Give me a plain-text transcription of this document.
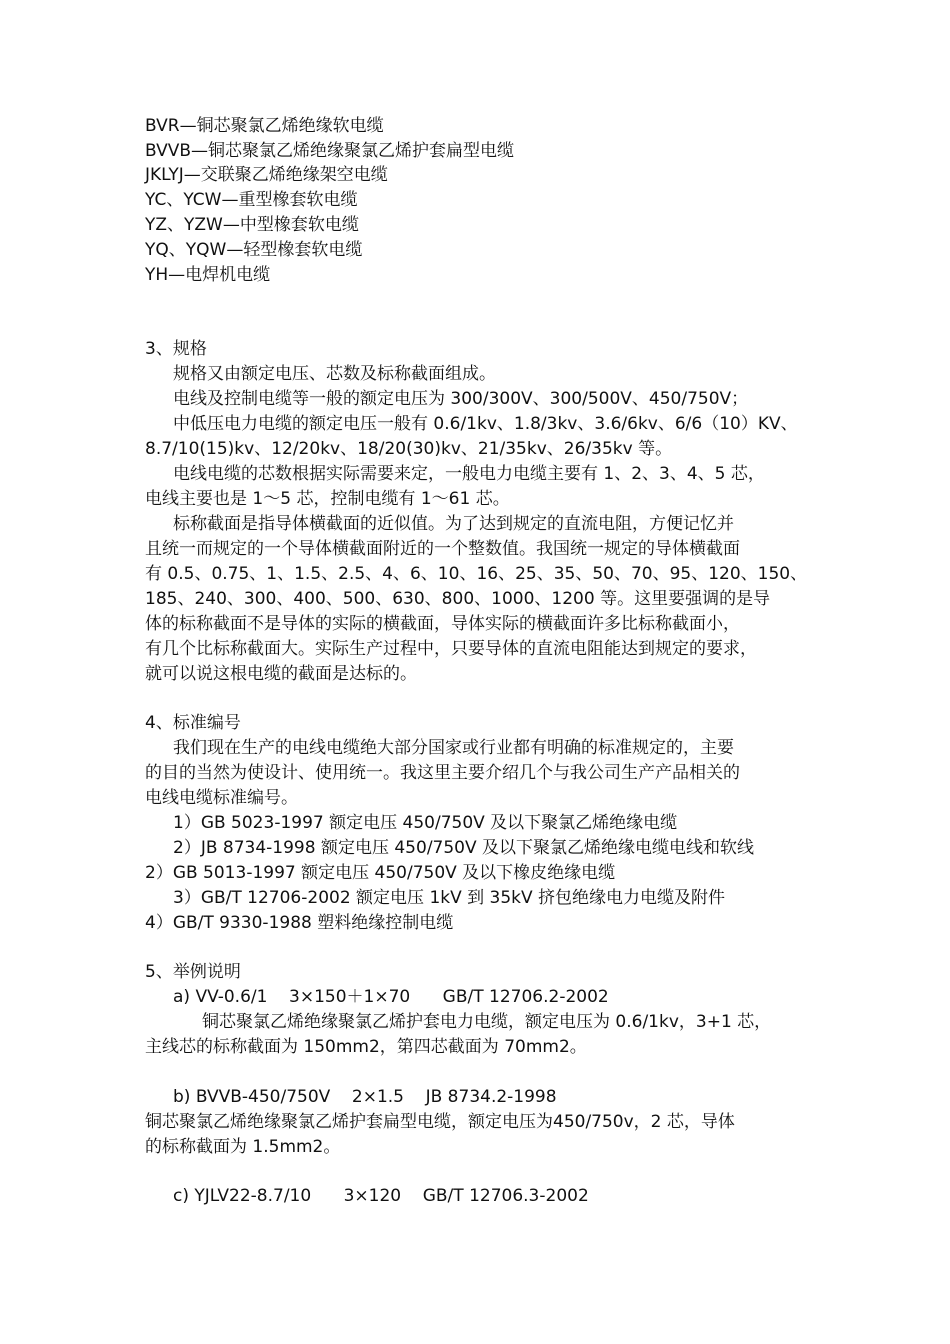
BVR—铜芯聚氯乙烯绝缘软电缆
BVVB—铜芯聚氯乙烯绝缘聚氯乙烯护套扁型电缆
JKLYJ—交联聚乙烯绝缘架空电缆
YC、YCW—重型橡套软电缆
YZ、YZW—中型橡套软电缆
YQ、YQW—轻型橡套软电缆
YH—电焊机电缆
3、规格
规格又由额定电压、芯数及标称截面组成。
电线及控制电缆等一般的额定电压为 300/300V、300/500V、450/750V；
中低压电力电缆的额定电压一般有 0.6/1kv、1.8/3kv、3.6/6kv、6/6（10）KV、
8.7/10(15)kv、12/20kv、18/20(30)kv、21/35kv、26/35kv 等。
电线电缆的芯数根据实际需要来定，一般电力电缆主要有 1、2、3、4、5 芯，
电线主要也是 1～5 芯，控制电缆有 1～61 芯。
标称截面是指导体横截面的近似值。为了达到规定的直流电阻，方便记忆并
且统一而规定的一个导体横截面附近的一个整数值。我国统一规定的导体横截面
有 0.5、0.75、1、1.5、2.5、4、6、10、16、25、35、50、70、95、120、150、
185、240、300、400、500、630、800、1000、1200 等。这里要强调的是导
体的标称截面不是导体的实际的横截面，导体实际的横截面许多比标称截面小，
有几个比标称截面大。实际生产过程中，只要导体的直流电阻能达到规定的要求，
就可以说这根电缆的截面是达标的。
4、标准编号
我们现在生产的电线电缆绝大部分国家或行业都有明确的标准规定的，主要
的目的当然为使设计、使用统一。我这里主要介绍几个与我公司生产产品相关的
电线电缆标准编号。
1）GB 5023-1997 额定电压 450/750V 及以下聚氯乙烯绝缘电缆
2）JB 8734-1998 额定电压 450/750V 及以下聚氯乙烯绝缘电缆电线和软线
2）GB 5013-1997 额定电压 450/750V 及以下橡皮绝缘电缆
3）GB/T 12706-2002 额定电压 1kV 到 35kV 挤包绝缘电力电缆及附件
4）GB/T 9330-1988 塑料绝缘控制电缆
5、举例说明
a) VV-0.6/1    3×150＋1×70      GB/T 12706.2-2002
铜芯聚氯乙烯绝缘聚氯乙烯护套电力电缆，额定电压为 0.6/1kv，3+1 芯，
主线芯的标称截面为 150mm2，第四芯截面为 70mm2。
b) BVVB-450/750V    2×1.5    JB 8734.2-1998
铜芯聚氯乙烯绝缘聚氯乙烯护套扁型电缆，额定电压为450/750v，2 芯，导体
的标称截面为 1.5mm2。
c) YJLV22-8.7/10      3×120    GB/T 12706.3-2002
